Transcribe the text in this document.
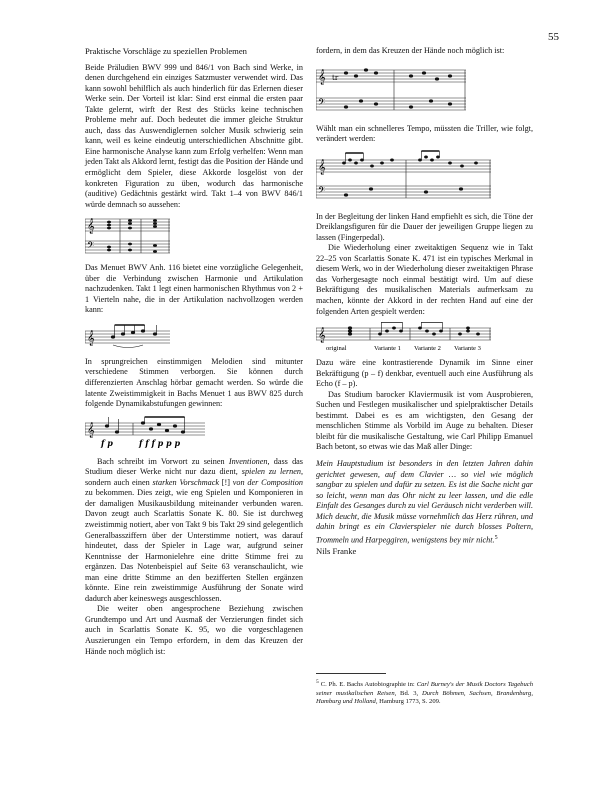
55

Praktische Vorschläge zu speziellen Problemen

Beide Präludien BWV 999 und 846/1 von Bach sind Werke, in denen durchgehend ein einziges Satzmuster verwendet wird. Das kann sowohl behilflich als auch hinderlich für das Erlernen dieser Werke sein. Der Vorteil ist klar: Sind erst einmal die ersten paar Takte gelernt, wirft der Rest des Stücks keine technischen Probleme mehr auf. Doch bedeutet die immer gleiche Struktur auch, dass das Auswendiglernen solcher Musik schwierig sein kann, weil es keine eindeutig unterschiedlichen Abschnitte gibt. Eine harmonische Analyse kann zum Erfolg verhelfen: Wenn man jeden Takt als Akkord lernt, festigt das die Position der Hände und ermöglicht dem Spieler, diese Akkorde losgelöst von der konkreten Figuration zu üben, wodurch das harmonische (auditive) Gedächtnis gestärkt wird. Takt 1–4 von BWV 846/1 würde demnach so aussehen:

𝄞
𝄢

Das Menuet BWV Anh. 116 bietet eine vorzügliche Gelegenheit, über die Verbindung zwischen Harmonie und Artikulation nachzudenken. Takt 1 legt einen harmonischen Rhythmus von 2 + 1 Vierteln nahe, die in der Artikulation nachvollzogen werden kann:

𝄞

In sprungreichen einstimmigen Melodien sind mitunter verschiedene Stimmen verborgen. Sie können durch differenzierten Anschlag hörbar gemacht werden. So würde die latente Zweistimmigkeit in Bachs Menuet 1 aus BWV 825 durch folgende Dynamikabstufungen gewinnen:

𝄞
f p	f f f p p p

Bach schreibt im Vorwort zu seinen Inventionen, dass das Studium dieser Werke nicht nur dazu dient, spielen zu lernen, sondern auch einen starken Vorschmack [!] von der Composition zu bekommen. Dies zeigt, wie eng Spielen und Komponieren in der damaligen Musikausbildung miteinander verbunden waren. Davon zeugt auch Scarlattis Sonate K. 80. Sie ist durchweg zweistimmig notiert, aber von Takt 9 bis Takt 29 sind gelegentlich Generalbassziffern über der Unterstimme notiert, was darauf hindeutet, dass der Spieler in Lage war, aufgrund seiner Kenntnisse der Harmonielehre eine dritte Stimme frei zu ergänzen. Das Notenbeispiel auf Seite 63 veranschaulicht, wie man eine dritte Stimme an den bezifferten Stellen ergänzen könnte. Eine rein zweistimmige Ausführung der Sonate wird dadurch aber keineswegs ausgeschlossen.

Die weiter oben angesprochene Beziehung zwischen Grundtempo und Art und Ausmaß der Verzierungen findet sich auch in Scarlattis Sonate K. 95, wo die vorgeschlagenen Auszierungen ein Tempo erfordern, in dem das Kreuzen der Hände noch möglich ist:

fordern, in dem das Kreuzen der Hände noch möglich ist:

𝄞
𝄢
tr

Wählt man ein schnelleres Tempo, müssten die Triller, wie folgt, verändert werden:

𝄞
𝄢

In der Begleitung der linken Hand empfiehlt es sich, die Töne der Dreiklangsfiguren für die Dauer der jeweiligen Gruppe liegen zu lassen (Fingerpedal).

Die Wiederholung einer zweitaktigen Sequenz wie in Takt 22–25 von Scarlattis Sonate K. 471 ist ein typisches Merkmal in diesem Werk, wo in der Wiederholung dieser zweitaktigen Phrase das Vorhergesagte noch einmal bestätigt wird. Um auf diese Bekräftigung des musikalischen Materials aufmerksam zu machen, könnte der Akkord in der rechten Hand auf eine der folgenden Arten gespielt werden:

𝄞
original	Variante 1 Variante 2 Variante 3

Dazu wäre eine kontrastierende Dynamik im Sinne einer Bekräftigung (p – f) denkbar, eventuell auch eine Ausführung als Echo (f – p).

Das Studium barocker Klaviermusik ist vom Ausprobieren, Suchen und Festlegen musikalischer und spielpraktischer Details bestimmt. Dabei es es am wichtigsten, den Gesang der menschlichen Stimme als Vorbild im Auge zu behalten. Dieser bleibt für die musikalische Gestaltung, wie Carl Philipp Emanuel Bach betont, so etwas wie das Maß aller Dinge:

Mein Hauptstudium ist besonders in den letzten Jahren dahin gerichtet gewesen, auf dem Clavier … so viel wie möglich sangbar zu spielen und dafür zu setzen. Es ist die Sache nicht gar so leicht, wenn man das Ohr nicht zu leer lassen, und die edle Einfalt des Gesanges durch zu viel Geräusch nicht verderben will. Mich deucht, die Musik müsse vornehmlich das Herz rühren, und dahin bringt es ein Clavierspieler nie durch blosses Poltern, Trommeln und Harpeggiren, wenigstens bey mir nicht.$^5$

Nils Franke

$^5$ C. Ph. E. Bachs Autobiographie in: Carl Burney's der Musik Doctors Tagebuch seiner musikalischen Reisen, Bd. 3, Durch Böhmen, Sachsen, Brandenburg, Hamburg und Holland, Hamburg 1773, S. 209.
